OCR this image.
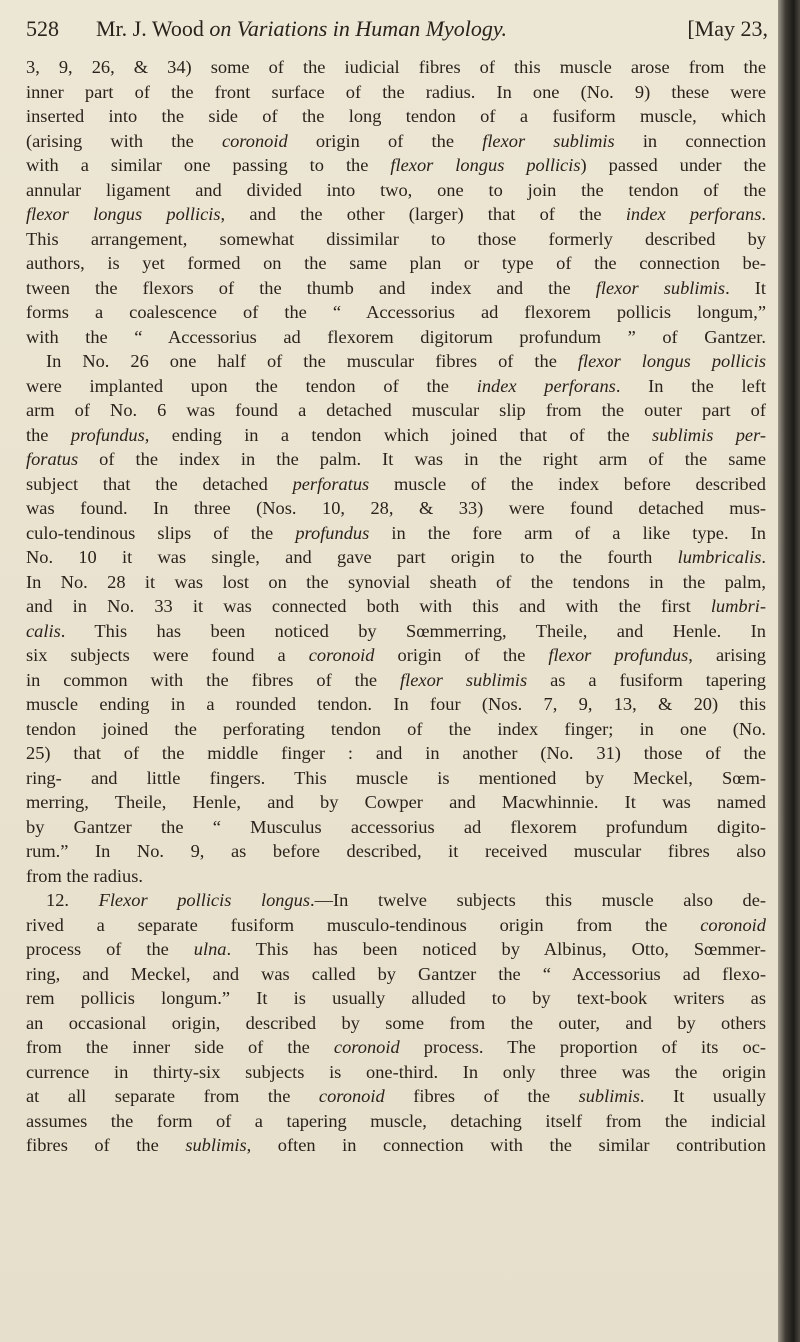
528 Mr. J. Wood on Variations in Human Myology.	[May 23,
3, 9, 26, & 34) some of the iudicial fibres of this muscle arose from the
inner part of the front surface of the radius. In one (No. 9) these were
inserted into the side of the long tendon of a fusiform muscle, which
(arising with the coronoid origin of the flexor sublimis in connection
with a similar one passing to the flexor longus pollicis) passed under the
annular ligament and divided into two, one to join the tendon of the
flexor longus pollicis, and the other (larger) that of the index perforans.
This arrangement, somewhat dissimilar to those formerly described by
authors, is yet formed on the same plan or type of the connection be-
tween the flexors of the thumb and index and the flexor sublimis. It
forms a coalescence of the “ Accessorius ad flexorem pollicis longum,”
with the “ Accessorius ad flexorem digitorum profundum ” of Gantzer.
In No. 26 one half of the muscular fibres of the flexor longus pollicis
were implanted upon the tendon of the index perforans. In the left
arm of No. 6 was found a detached muscular slip from the outer part of
the profundus, ending in a tendon which joined that of the sublimis per-
foratus of the index in the palm. It was in the right arm of the same
subject that the detached perforatus muscle of the index before described
was found. In three (Nos. 10, 28, & 33) were found detached mus-
culo-tendinous slips of the profundus in the fore arm of a like type. In
No. 10 it was single, and gave part origin to the fourth lumbricalis.
In No. 28 it was lost on the synovial sheath of the tendons in the palm,
and in No. 33 it was connected both with this and with the first lumbri-
calis. This has been noticed by Sœmmerring, Theile, and Henle. In
six subjects were found a coronoid origin of the flexor profundus, arising
in common with the fibres of the flexor sublimis as a fusiform tapering
muscle ending in a rounded tendon. In four (Nos. 7, 9, 13, & 20) this
tendon joined the perforating tendon of the index finger; in one (No.
25) that of the middle finger : and in another (No. 31) those of the
ring- and little fingers. This muscle is mentioned by Meckel, Sœm-
merring, Theile, Henle, and by Cowper and Macwhinnie. It was named
by Gantzer the “ Musculus accessorius ad flexorem profundum digito-
rum.” In No. 9, as before described, it received muscular fibres also
from the radius.
12. Flexor pollicis longus.—In twelve subjects this muscle also de-
rived a separate fusiform musculo-tendinous origin from the coronoid
process of the ulna. This has been noticed by Albinus, Otto, Sœmmer-
ring, and Meckel, and was called by Gantzer the “ Accessorius ad flexo-
rem pollicis longum.” It is usually alluded to by text-book writers as
an occasional origin, described by some from the outer, and by others
from the inner side of the coronoid process. The proportion of its oc-
currence in thirty-six subjects is one-third. In only three was the origin
at all separate from the coronoid fibres of the sublimis. It usually
assumes the form of a tapering muscle, detaching itself from the indicial
fibres of the sublimis, often in connection with the similar contribution
